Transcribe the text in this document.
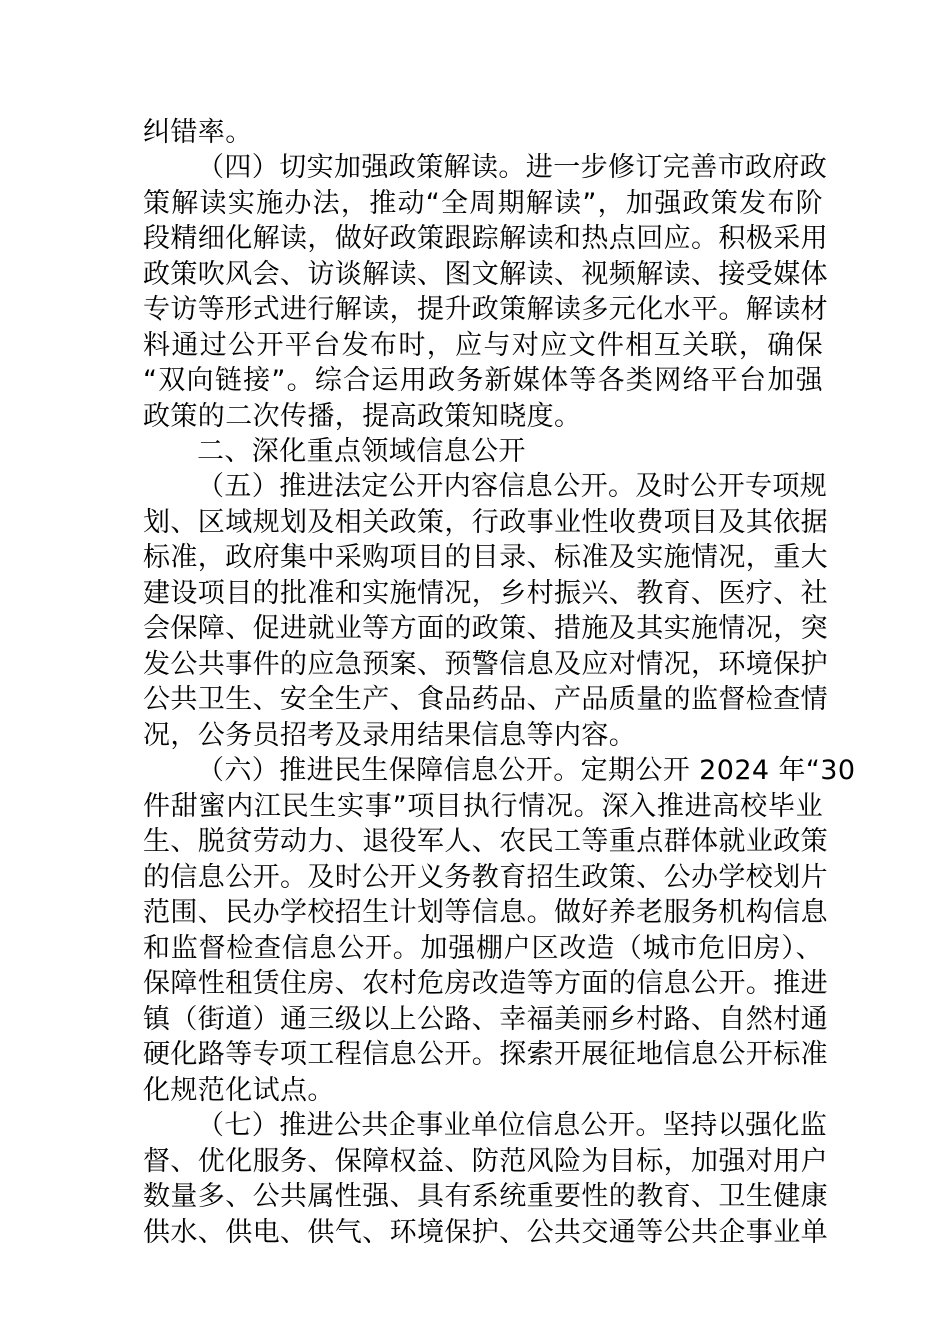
纠错率。
（四）切实加强政策解读。进一步修订完善市政府政
策解读实施办法，推动“全周期解读”，加强政策发布阶
段精细化解读，做好政策跟踪解读和热点回应。积极采用
政策吹风会、访谈解读、图文解读、视频解读、接受媒体
专访等形式进行解读，提升政策解读多元化水平。解读材
料通过公开平台发布时，应与对应文件相互关联，确保
“双向链接”。综合运用政务新媒体等各类网络平台加强
政策的二次传播，提高政策知晓度。
二、深化重点领域信息公开
（五）推进法定公开内容信息公开。及时公开专项规
划、区域规划及相关政策，行政事业性收费项目及其依据
标准，政府集中采购项目的目录、标准及实施情况，重大
建设项目的批准和实施情况，乡村振兴、教育、医疗、社
会保障、促进就业等方面的政策、措施及其实施情况，突
发公共事件的应急预案、预警信息及应对情况，环境保护
公共卫生、安全生产、食品药品、产品质量的监督检查情
况，公务员招考及录用结果信息等内容。
（六）推进民生保障信息公开。定期公开 2024 年“30
件甜蜜内江民生实事”项目执行情况。深入推进高校毕业
生、脱贫劳动力、退役军人、农民工等重点群体就业政策
的信息公开。及时公开义务教育招生政策、公办学校划片
范围、民办学校招生计划等信息。做好养老服务机构信息
和监督检查信息公开。加强棚户区改造（城市危旧房）、
保障性租赁住房、农村危房改造等方面的信息公开。推进
镇（街道）通三级以上公路、幸福美丽乡村路、自然村通
硬化路等专项工程信息公开。探索开展征地信息公开标准
化规范化试点。
（七）推进公共企事业单位信息公开。坚持以强化监
督、优化服务、保障权益、防范风险为目标，加强对用户
数量多、公共属性强、具有系统重要性的教育、卫生健康
供水、供电、供气、环境保护、公共交通等公共企事业单
